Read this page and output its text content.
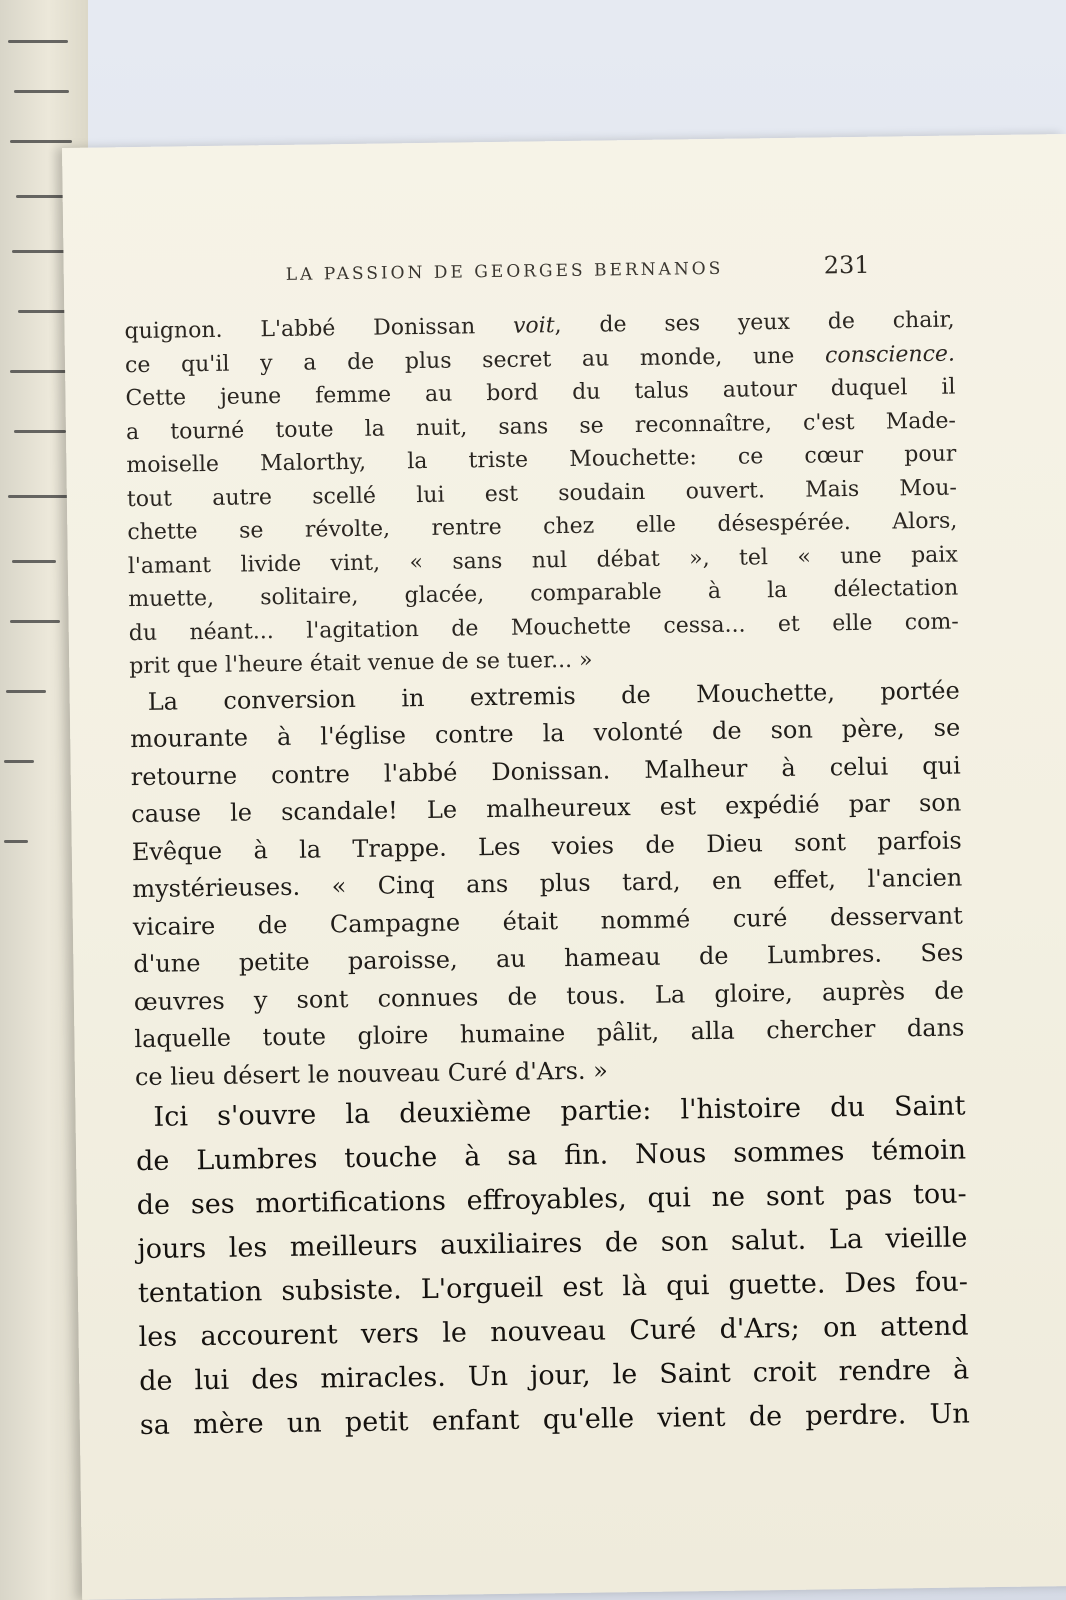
LA PASSION DE GEORGES BERNANOS	231
quignon. L'abbé Donissan voit, de ses yeux de chair,
ce qu'il y a de plus secret au monde, une conscience.
Cette jeune femme au bord du talus autour duquel il
a tourné toute la nuit, sans se reconnaître, c'est Made-
moiselle Malorthy, la triste Mouchette: ce cœur pour
tout autre scellé lui est soudain ouvert. Mais Mou-
chette se révolte, rentre chez elle désespérée. Alors,
l'amant livide vint, « sans nul débat », tel « une paix
muette, solitaire, glacée, comparable à la délectation
du néant... l'agitation de Mouchette cessa... et elle com-
prit que l'heure était venue de se tuer... »
La conversion in extremis de Mouchette, portée
mourante à l'église contre la volonté de son père, se
retourne contre l'abbé Donissan. Malheur à celui qui
cause le scandale! Le malheureux est expédié par son
Evêque à la Trappe. Les voies de Dieu sont parfois
mystérieuses. « Cinq ans plus tard, en effet, l'ancien
vicaire de Campagne était nommé curé desservant
d'une petite paroisse, au hameau de Lumbres. Ses
œuvres y sont connues de tous. La gloire, auprès de
laquelle toute gloire humaine pâlit, alla chercher dans
ce lieu désert le nouveau Curé d'Ars. »
Ici s'ouvre la deuxième partie: l'histoire du Saint
de Lumbres touche à sa fin. Nous sommes témoin
de ses mortifications effroyables, qui ne sont pas tou-
jours les meilleurs auxiliaires de son salut. La vieille
tentation subsiste. L'orgueil est là qui guette. Des fou-
les accourent vers le nouveau Curé d'Ars; on attend
de lui des miracles. Un jour, le Saint croit rendre à
sa mère un petit enfant qu'elle vient de perdre. Un
